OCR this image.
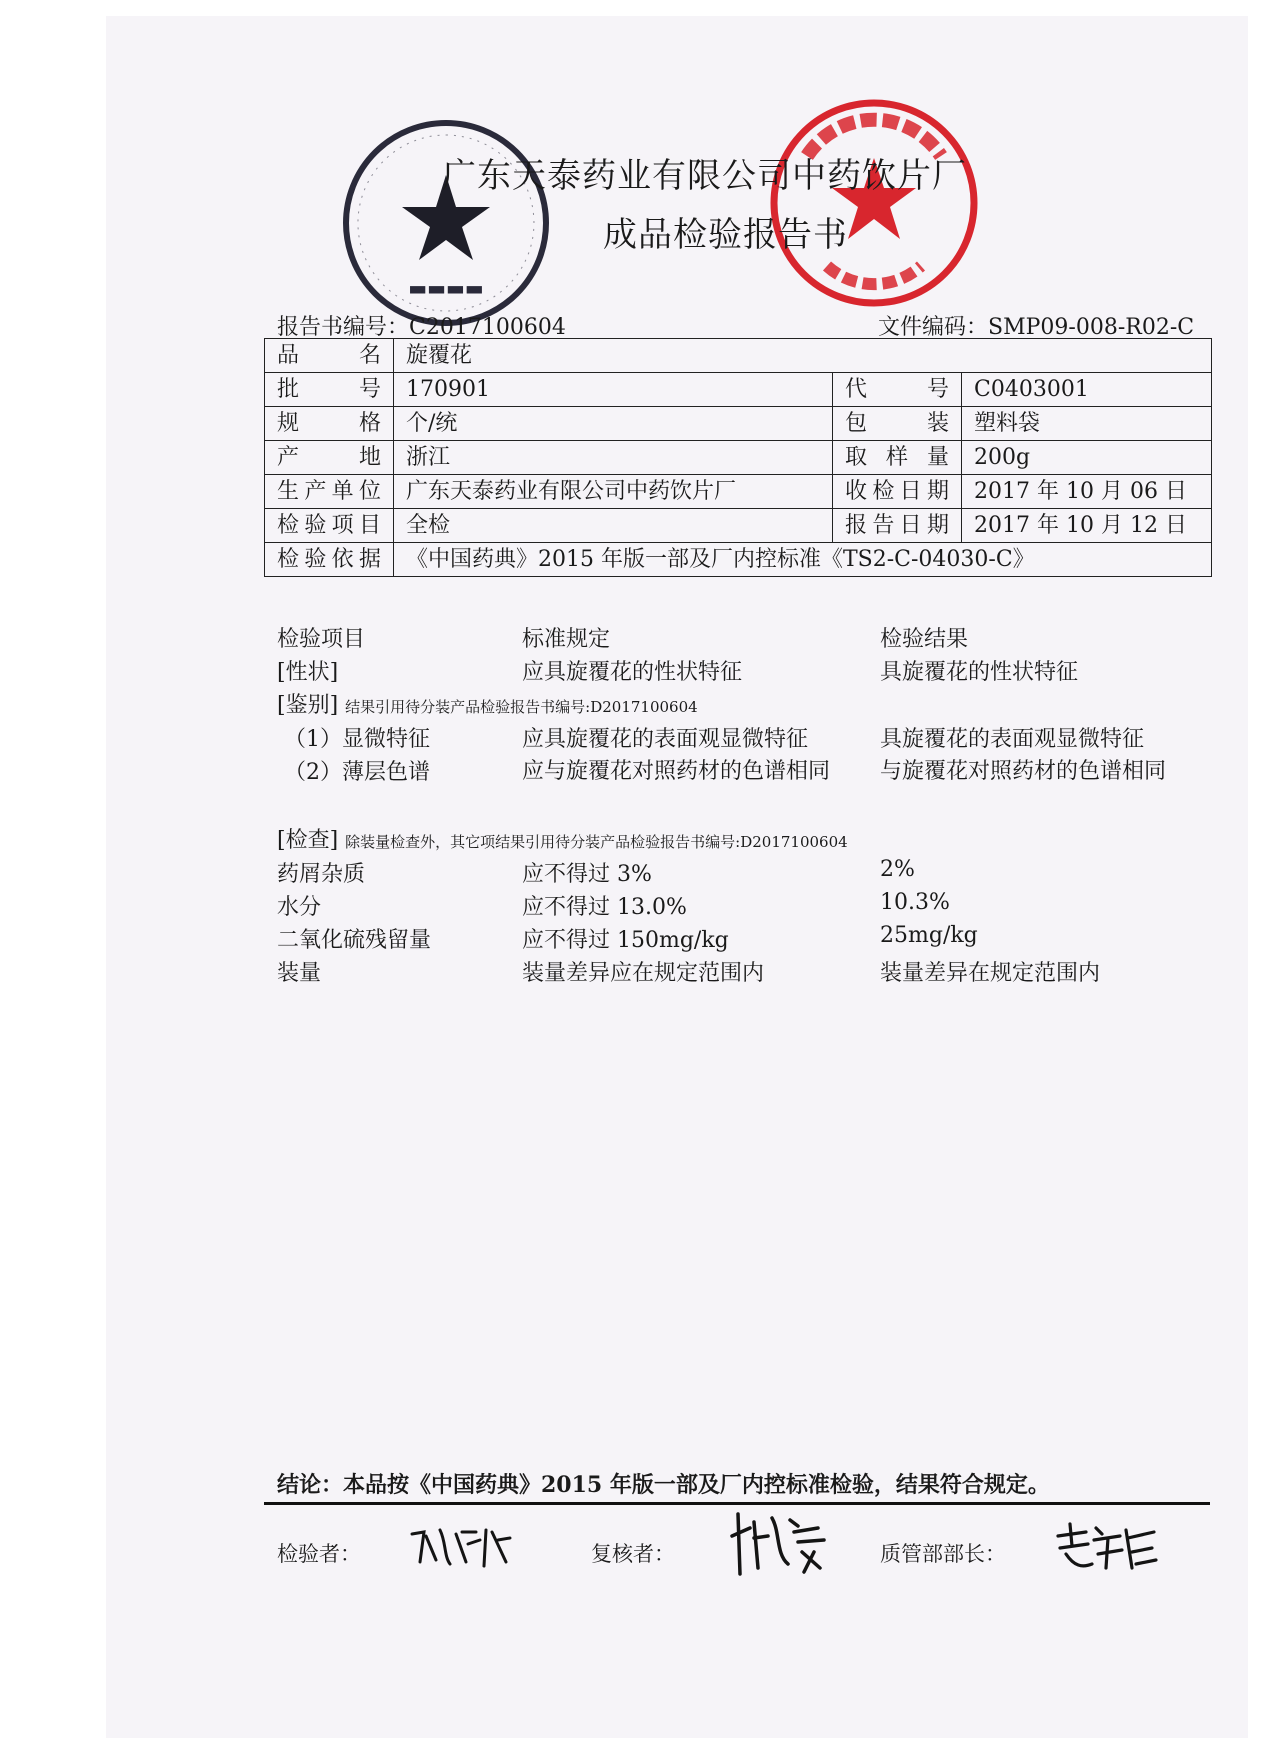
▬▬▬▬
广东天泰药业有限公司中药饮片厂
成品检验报告书
报告书编号：C2017100604	文件编码：SMP09-008-R02-C
品　名	旋覆花		
批　号	170901	代　号	C0403001
规　格	个/统	包　装	塑料袋
产　地	浙江	取样量	200g
生产单位	广东天泰药业有限公司中药饮片厂	收检日期	2017 年 10 月 06 日
检验项目	全检	报告日期	2017 年 10 月 12 日
检验依据	《中国药典》2015 年版一部及厂内控标准《TS2-C-04030-C》		
检验项目	标准规定	检验结果
[性状]	应具旋覆花的性状特征	具旋覆花的性状特征
[鉴别] 结果引用待分装产品检验报告书编号:D2017100604
（1）显微特征	应具旋覆花的表面观显微特征	具旋覆花的表面观显微特征
（2）薄层色谱	应与旋覆花对照药材的色谱相同	与旋覆花对照药材的色谱相同
[检查] 除装量检查外，其它项结果引用待分装产品检验报告书编号:D2017100604
药屑杂质	应不得过 3%	2%
水分	应不得过 13.0%	10.3%
二氧化硫残留量	应不得过 150mg/kg	25mg/kg
装量	装量差异应在规定范围内	装量差异在规定范围内
结论：本品按《中国药典》2015 年版一部及厂内控标准检验，结果符合规定。
检验者：	复核者：	质管部部长：
